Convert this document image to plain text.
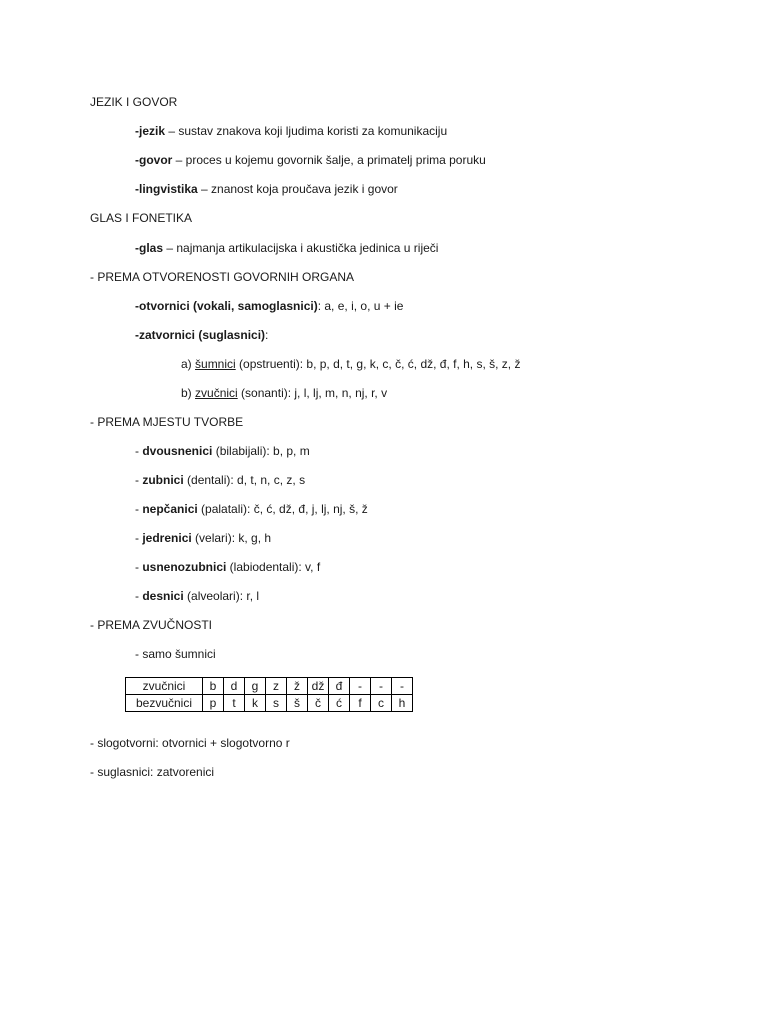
JEZIK I GOVOR
-jezik – sustav znakova koji ljudima koristi za komunikaciju
-govor – proces u kojemu govornik šalje, a primatelj prima poruku
-lingvistika – znanost koja proučava jezik i govor
GLAS I FONETIKA
-glas – najmanja artikulacijska i akustička jedinica u riječi
- PREMA OTVORENOSTI GOVORNIH ORGANA
-otvornici (vokali, samoglasnici): a, e, i, o, u + ie
-zatvornici (suglasnici):
a) šumnici (opstruenti): b, p, d, t, g, k, c, č, ć, dž, đ, f, h, s, š, z, ž
b) zvučnici (sonanti): j, l, lj, m, n, nj, r, v
- PREMA MJESTU TVORBE
- dvousnenici (bilabijali): b, p, m
- zubnici (dentali): d, t, n, c, z, s
- nepčanici (palatali): č, ć, dž, đ, j, lj, nj, š, ž
- jedrenici (velari): k, g, h
- usnenozubnici (labiodentali): v, f
- desnici (alveolari): r, l
- PREMA ZVUČNOSTI
- samo šumnici
zvučnici	b	d	g	z	ž	dž	đ	-	-	-
bezvučnici	p	t	k	s	š	č	ć	f	c	h
- slogotvorni: otvornici + slogotvorno r
- suglasnici: zatvorenici
